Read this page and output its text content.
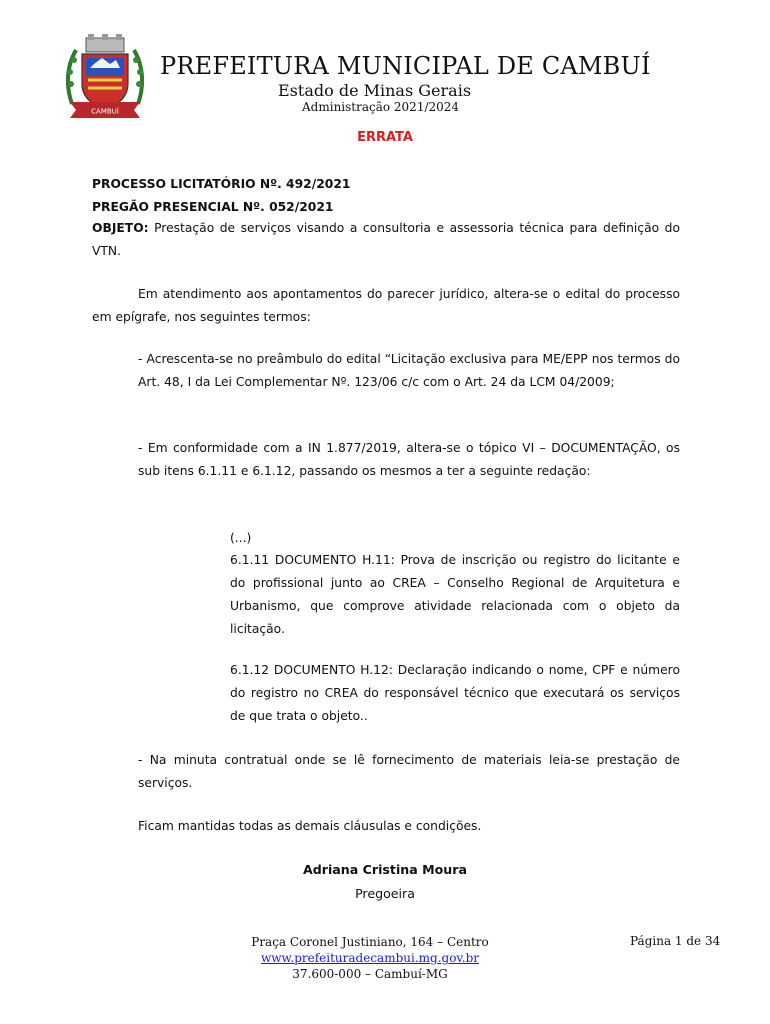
CAMBUÍ
PREFEITURA MUNICIPAL DE CAMBUÍ
Estado de Minas Gerais
Administração 2021/2024
ERRATA
PROCESSO LICITATÓRIO Nº. 492/2021
PREGÃO PRESENCIAL Nº. 052/2021
OBJETO: Prestação de serviços visando a consultoria e assessoria técnica para definição do VTN.
Em atendimento aos apontamentos do parecer jurídico, altera-se o edital do processo em epígrafe, nos seguintes termos:
- Acrescenta-se no preâmbulo do edital “Licitação exclusiva para ME/EPP nos termos do Art. 48, I da Lei Complementar Nº. 123/06 c/c com o Art. 24 da LCM 04/2009;
- Em conformidade com a IN 1.877/2019, altera-se o tópico VI – DOCUMENTAÇÃO, os sub itens 6.1.11 e 6.1.12, passando os mesmos a ter a seguinte redação:
(...)
6.1.11 DOCUMENTO H.11: Prova de inscrição ou registro do licitante e do profissional junto ao CREA – Conselho Regional de Arquitetura e Urbanismo, que comprove atividade relacionada com o objeto da licitação.
6.1.12 DOCUMENTO H.12: Declaração indicando o nome, CPF e número do registro no CREA do responsável técnico que executará os serviços de que trata o objeto..
- Na minuta contratual onde se lê fornecimento de materiais leia-se prestação de serviços.
Ficam mantidas todas as demais cláusulas e condições.
Adriana Cristina Moura
Pregoeira
Praça Coronel Justiniano, 164 – Centro
www.prefeituradecambui.mg.gov.br
37.600-000 – Cambuí-MG
Página 1 de 34
